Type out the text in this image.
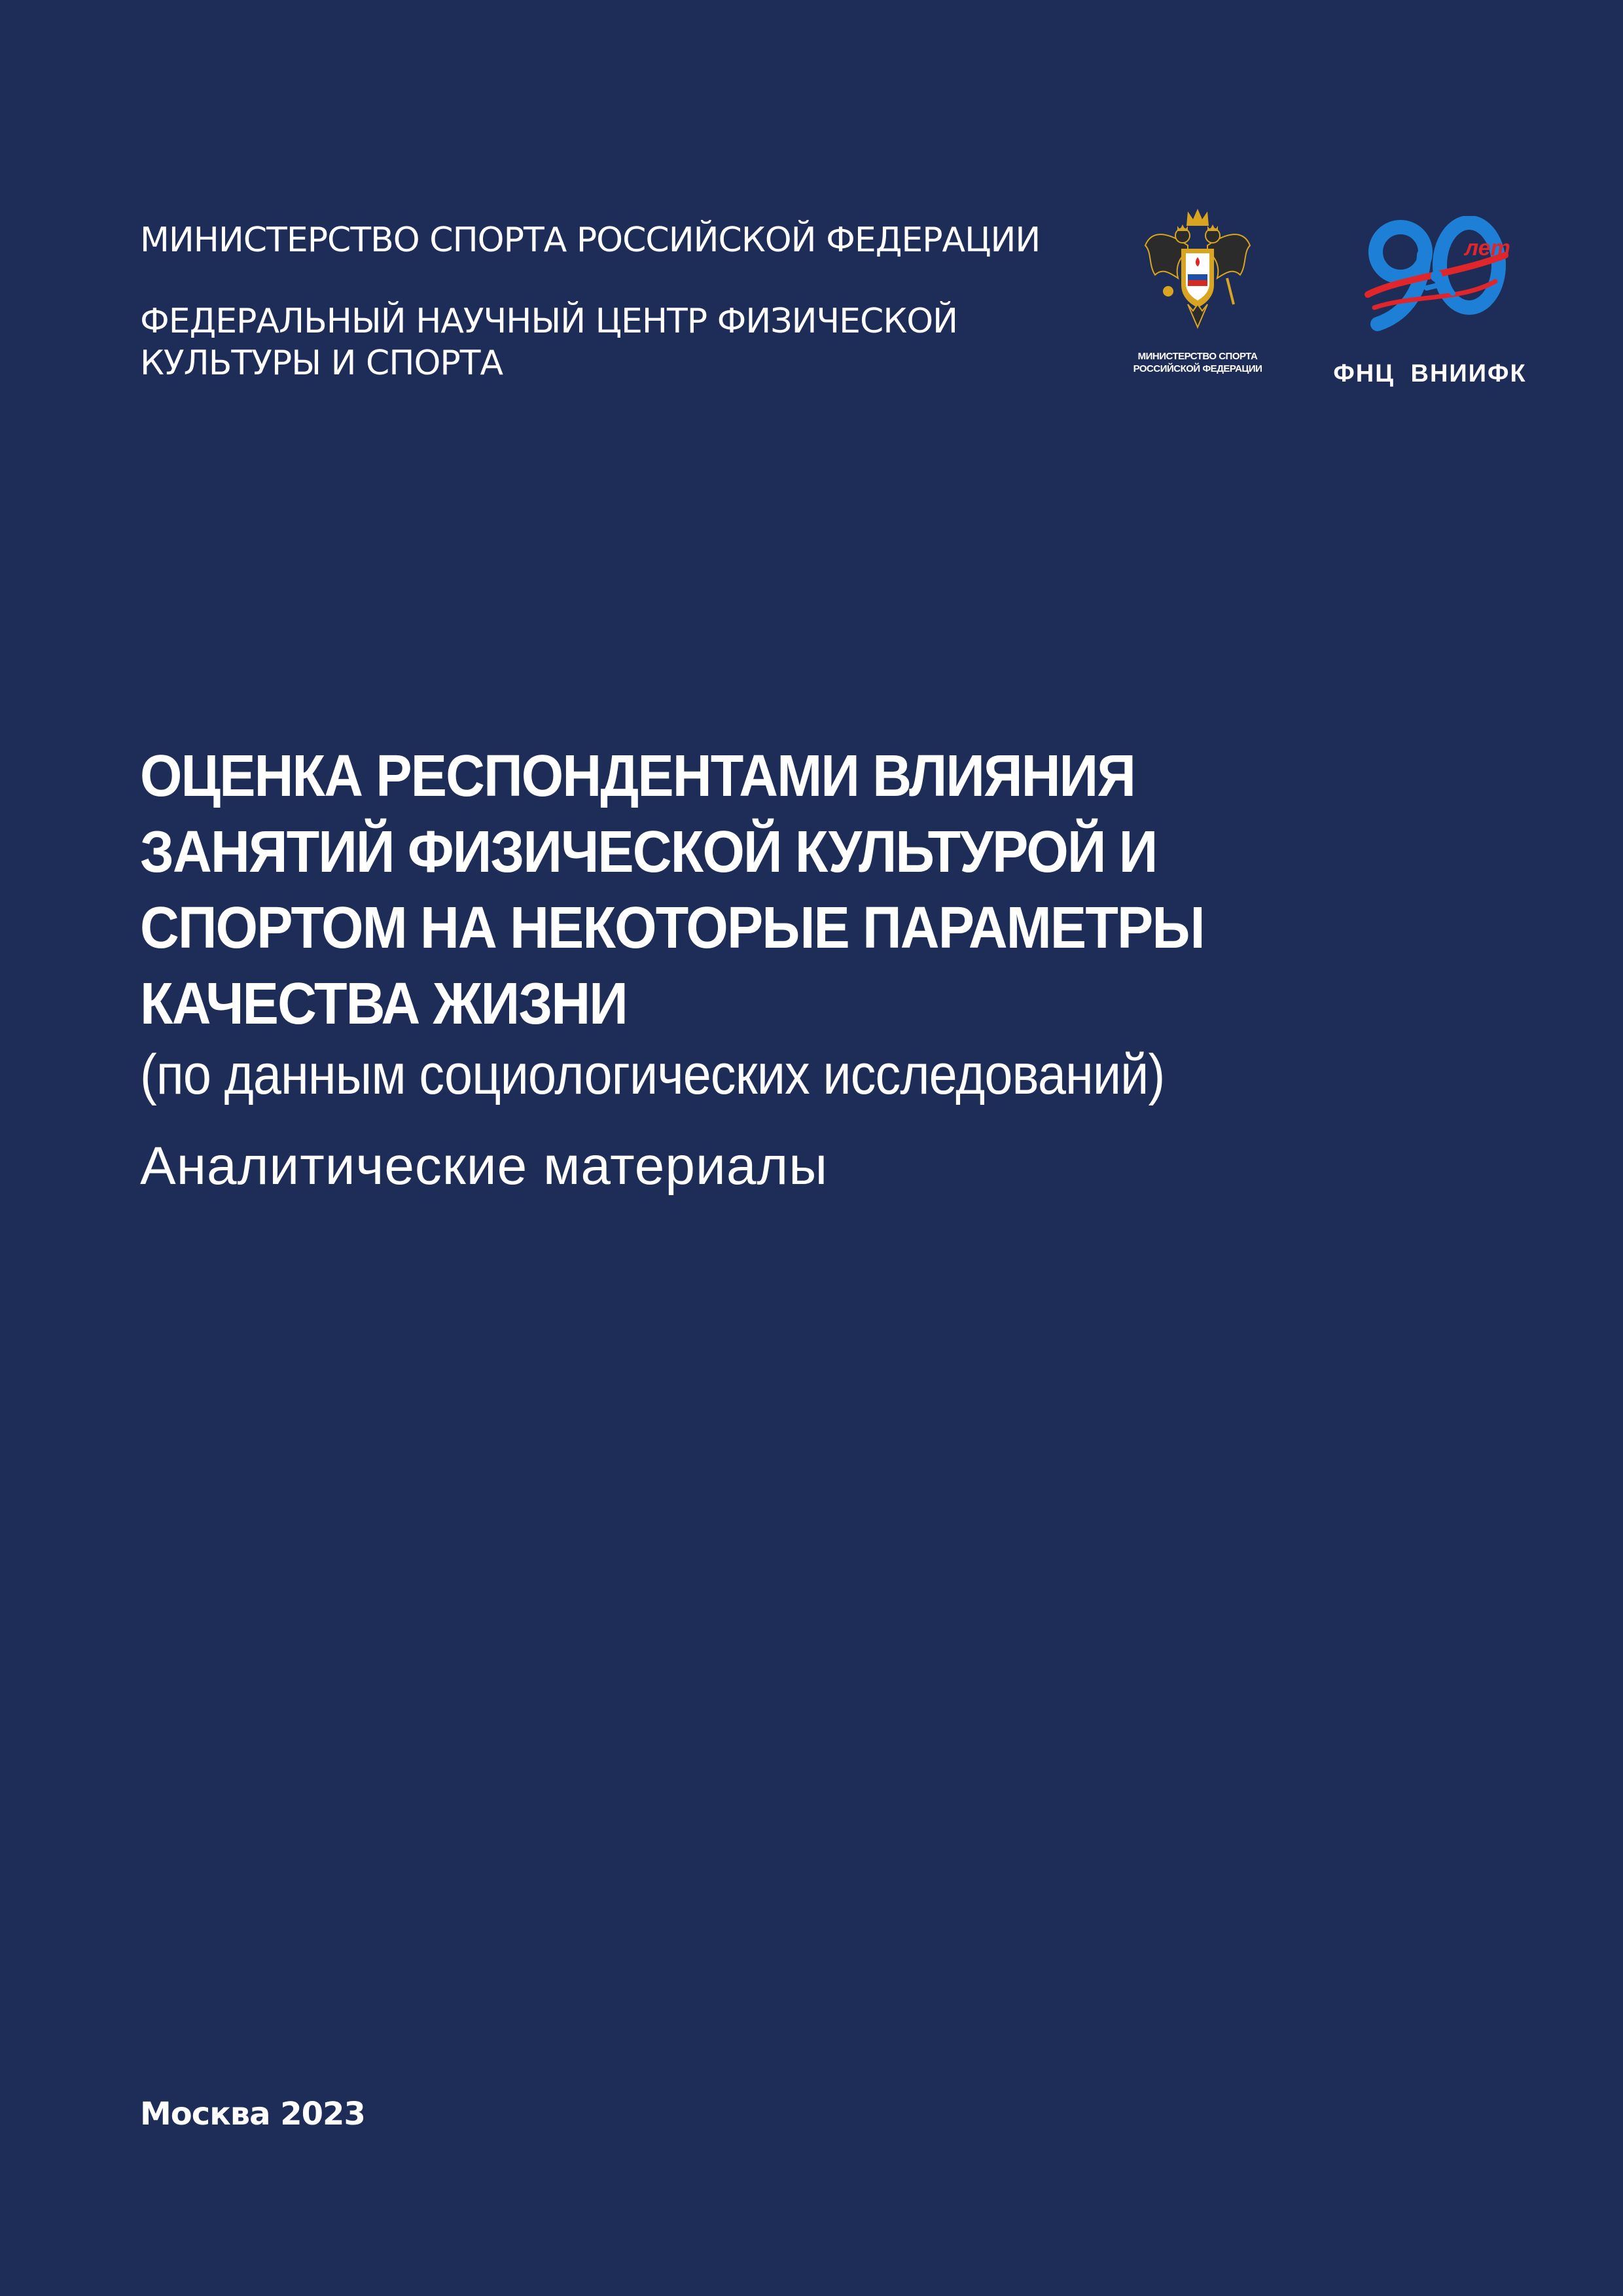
МИНИСТЕРСТВО СПОРТА РОССИЙСКОЙ ФЕДЕРАЦИИ

ФЕДЕРАЛЬНЫЙ НАУЧНЫЙ ЦЕНТР ФИЗИЧЕСКОЙ
КУЛЬТУРЫ И СПОРТА	МИНИСТЕРСТВО СПОРТА
РОССИЙСКОЙ ФЕДЕРАЦИИ
лет
ФНЦ ВНИИФК
ОЦЕНКА РЕСПОНДЕНТАМИ ВЛИЯНИЯ
ЗАНЯТИЙ ФИЗИЧЕСКОЙ КУЛЬТУРОЙ И
СПОРТОМ НА НЕКОТОРЫЕ ПАРАМЕТРЫ
КАЧЕСТВА ЖИЗНИ

(по данным социологических исследований)

Аналитические материалы

Москва 2023
